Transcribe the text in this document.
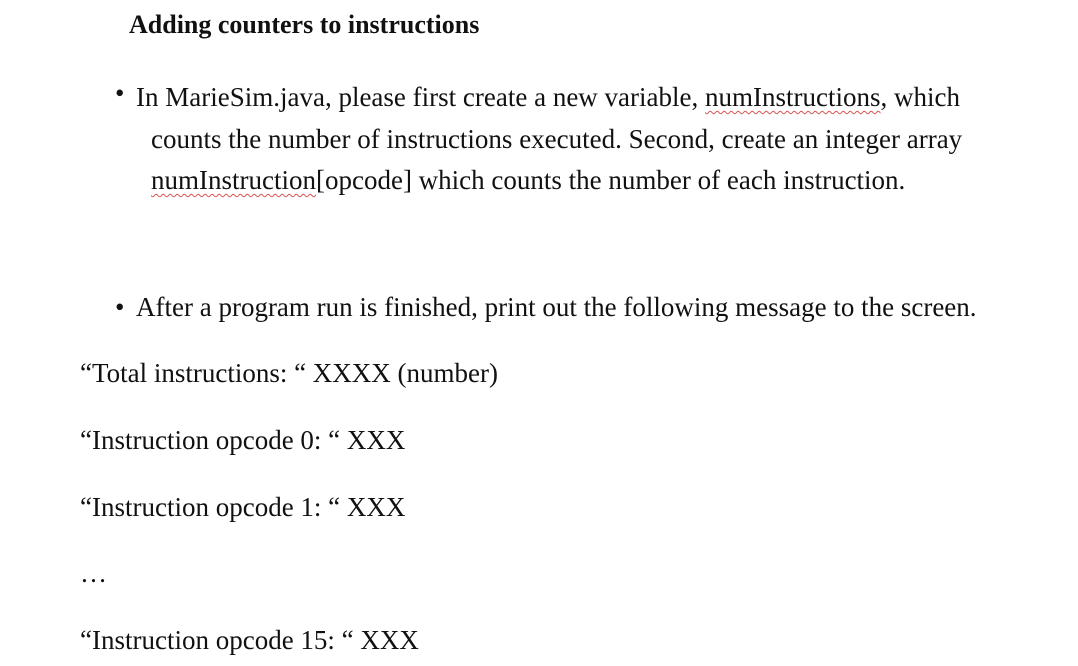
Adding counters to instructions
• In MarieSim.java, please first create a new variable, numInstructions, which
counts the number of instructions executed. Second, create an integer array
numInstruction[opcode] which counts the number of each instruction.
• After a program run is finished, print out the following message to the screen.
“Total instructions: “ XXXX (number)
“Instruction opcode 0: “ XXX
“Instruction opcode 1: “ XXX
…
“Instruction opcode 15: “ XXX
